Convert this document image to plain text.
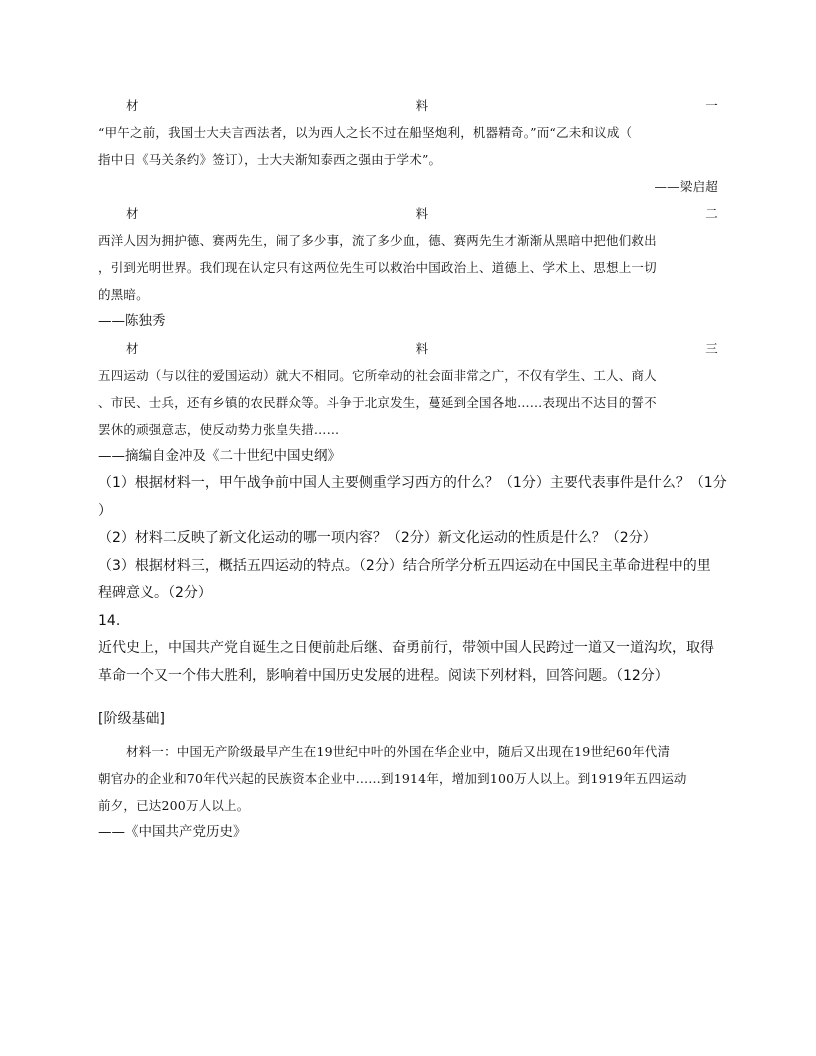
材	料	一
“甲午之前，我国士大夫言西法者，以为西人之长不过在船坚炮利，机器精奇。”而“乙未和议成（
指中日《马关条约》签订），士大夫渐知泰西之强由于学术”。
——梁启超
材	料	二
西洋人因为拥护德、赛两先生，闹了多少事，流了多少血，德、赛两先生才渐渐从黑暗中把他们救出
，引到光明世界。我们现在认定只有这两位先生可以救治中国政治上、道德上、学术上、思想上一切
的黑暗。
——陈独秀
材	料	三
五四运动（与以往的爱国运动）就大不相同。它所牵动的社会面非常之广，不仅有学生、工人、商人
、市民、士兵，还有乡镇的农民群众等。斗争于北京发生，蔓延到全国各地……表现出不达目的誓不
罢休的顽强意志，使反动势力张皇失措……
——摘编自金冲及《二十世纪中国史纲》
（1）根据材料一，甲午战争前中国人主要侧重学习西方的什么？（1分）主要代表事件是什么？（1分
）
（2）材料二反映了新文化运动的哪一项内容？（2分）新文化运动的性质是什么？（2分）
（3）根据材料三，概括五四运动的特点。（2分）结合所学分析五四运动在中国民主革命进程中的里
程碑意义。（2分）
14.
近代史上，中国共产党自诞生之日便前赴后继、奋勇前行，带领中国人民跨过一道又一道沟坎，取得
革命一个又一个伟大胜利，影响着中国历史发展的进程。阅读下列材料，回答问题。（12分）
[阶级基础]
材料一：中国无产阶级最早产生在19世纪中叶的外国在华企业中，随后又出现在19世纪60年代清
朝官办的企业和70年代兴起的民族资本企业中……到1914年，增加到100万人以上。到1919年五四运动
前夕，已达200万人以上。
——《中国共产党历史》
